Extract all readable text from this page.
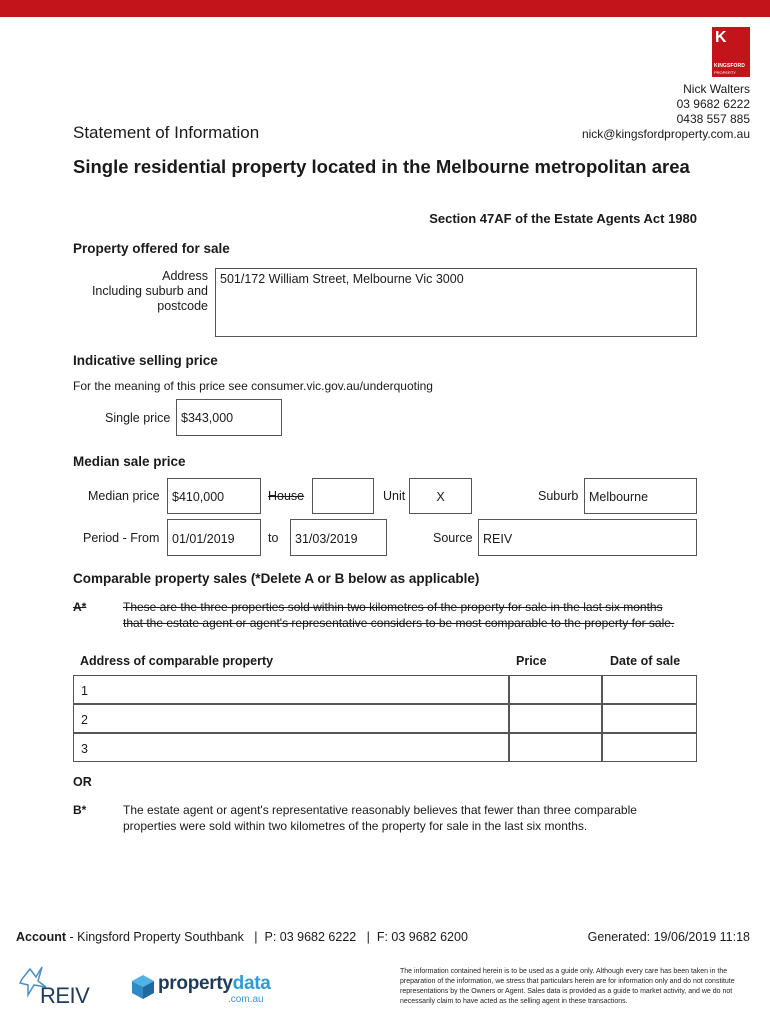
K
KINGSFORD
PROPERTY
Nick Walters
03 9682 6222
0438 557 885
nick@kingsfordproperty.com.au
Statement of Information
Single residential property located in the Melbourne metropolitan area
Section 47AF of the Estate Agents Act 1980
Property offered for sale
Address
Including suburb and
postcode
501/172 William Street, Melbourne Vic 3000
Indicative selling price
For the meaning of this price see consumer.vic.gov.au/underquoting
Single price $343,000
Median sale price
Median price $410,000	House	Unit	X	Suburb Melbourne
Period - From	01/01/2019	to	31/03/2019	Source REIV
Comparable property sales (*Delete A or B below as applicable)
A*	These are the three properties sold within two kilometres of the property for sale in the last six months that the estate agent or agent's representative considers to be most comparable to the property for sale.
Address of comparable property	Price	Date of sale
1
2
3
OR
B*	The estate agent or agent's representative reasonably believes that fewer than three comparable properties were sold within two kilometres of the property for sale in the last six months.
Account - Kingsford Property Southbank   |  P: 03 9682 6222   |  F: 03 9682 6200	Generated: 19/06/2019 11:18
REIV	propertydata
.com.au
The information contained herein is to be used as a guide only. Although every care has been taken in the preparation of the information, we stress that particulars herein are for information only and do not constitute representations by the Owners or Agent. Sales data is provided as a guide to market activity, and we do not necessarily claim to have acted as the selling agent in these transactions.
